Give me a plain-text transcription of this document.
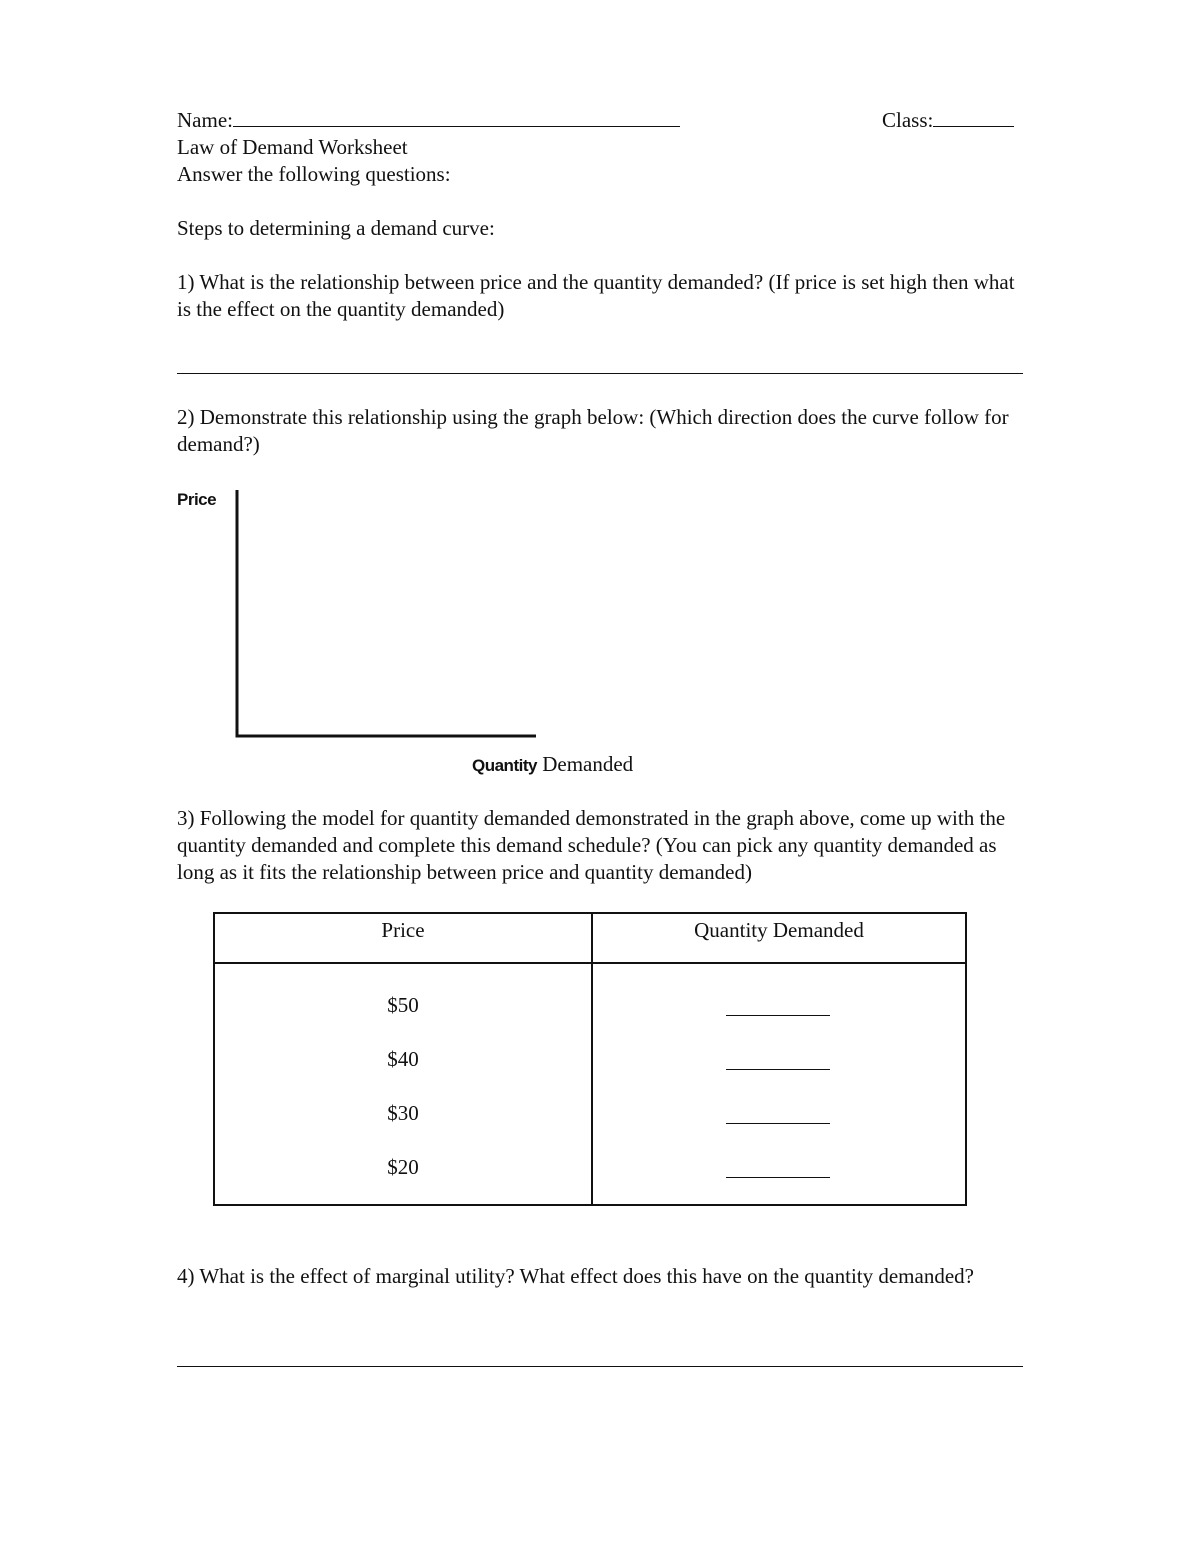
Name:	Class:
Law of Demand Worksheet
Answer the following questions:
Steps to determining a demand curve:
1) What is the relationship between price and the quantity demanded? (If price is set high then what is the effect on the quantity demanded)
2) Demonstrate this relationship using the graph below: (Which direction does the curve follow for demand?)
Price
Quantity Demanded
3) Following the model for quantity demanded demonstrated in the graph above, come up with the quantity demanded and complete this demand schedule? (You can pick any quantity demanded as long as it fits the relationship between price and quantity demanded)
Price	Quantity Demanded
$50
$40
$30
$20
4) What is the effect of marginal utility? What effect does this have on the quantity demanded?
